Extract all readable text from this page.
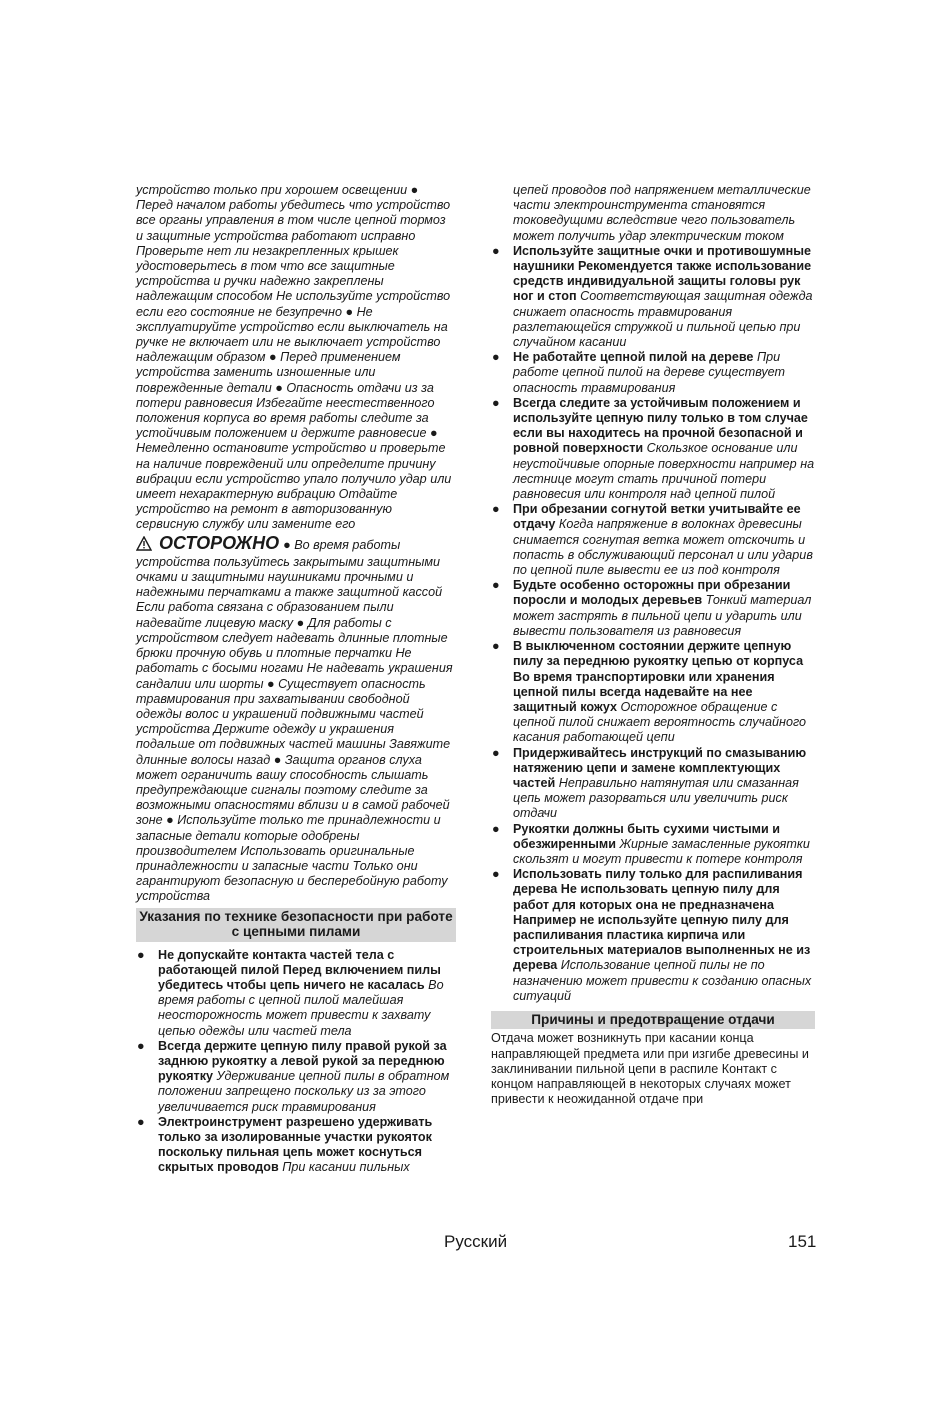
устройство только при хорошем освещении ● Перед началом работы убедитесь что устройство все органы управления в том числе цепной тормоз и защитные устройства работают исправно Проверьте нет ли незакрепленных крышек удостоверьтесь в том что все защитные устройства и ручки надежно закреплены надлежащим способом Не используйте устройство если его состояние не безупречно ● Не эксплуатируйте устройство если выключатель на ручке не включает или не выключает устройство надлежащим образом ● Перед применением устройства заменить изношенные или поврежденные детали ● Опасность отдачи из за потери равновесия Избегайте неестественного положения корпуса во время работы следите за устойчивым положением и держите равновесие ● Немедленно остановите устройство и проверьте на наличие повреждений или определите причину вибрации если устройство упало получило удар или имеет нехарактерную вибрацию Отдайте устройство на ремонт в авторизованную сервисную службу или замените его
ОСТОРОЖНО ● Во время работы устройства пользуйтесь закрытыми защитными очками и защитными наушниками прочными и надежными перчатками а также защитной кассой Если работа связана с образованием пыли надевайте лицевую маску ● Для работы с устройством следует надевать длинные плотные брюки прочную обувь и плотные перчатки Не работать с босыми ногами Не надевать украшения сандалии или шорты ● Существует опасность травмирования при захватывании свободной одежды волос и украшений подвижными частей устройства Держите одежду и украшения подальше от подвижных частей машины Завяжите длинные волосы назад ● Защита органов слуха может ограничить вашу способность слышать предупреждающие сигналы поэтому следите за возможными опасностями вблизи и в самой рабочей зоне ● Используйте только те принадлежности и запасные детали которые одобрены производителем Использовать оригинальные принадлежности и запасные части Только они гарантируют безопасную и бесперебойную работу устройства
Указания по технике безопасности при работе с цепными пилами
● Не допускайте контакта частей тела с работающей пилой Перед включением пилы убедитесь чтобы цепь ничего не касалась Во время работы с цепной пилой малейшая неосторожность может привести к захвату цепью одежды или частей тела
● Всегда держите цепную пилу правой рукой за заднюю рукоятку а левой рукой за переднюю рукоятку Удерживание цепной пилы в обратном положении запрещено поскольку из за этого увеличивается риск травмирования
● Электроинструмент разрешено удерживать только за изолированные участки рукояток поскольку пильная цепь может коснуться скрытых проводов При касании пильных
цепей проводов под напряжением металлические части электроинструмента становятся токоведущими вследствие чего пользователь может получить удар электрическим током
● Используйте защитные очки и противошумные наушники Рекомендуется также использование средств индивидуальной защиты головы рук ног и стоп Соответствующая защитная одежда снижает опасность травмирования разлетающейся стружкой и пильной цепью при случайном касании
● Не работайте цепной пилой на дереве При работе цепной пилой на дереве существует опасность травмирования
● Всегда следите за устойчивым положением и используйте цепную пилу только в том случае если вы находитесь на прочной безопасной и ровной поверхности Скользкое основание или неустойчивые опорные поверхности например на лестнице могут стать причиной потери равновесия или контроля над цепной пилой
● При обрезании согнутой ветки учитывайте ее отдачу Когда напряжение в волокнах древесины снимается согнутая ветка может отскочить и попасть в обслуживающий персонал и или ударив по цепной пиле вывести ее из под контроля
● Будьте особенно осторожны при обрезании поросли и молодых деревьев Тонкий материал может застрять в пильной цепи и ударить или вывести пользователя из равновесия
● В выключенном состоянии держите цепную пилу за переднюю рукоятку цепью от корпуса Во время транспортировки или хранения цепной пилы всегда надевайте на нее защитный кожух Осторожное обращение с цепной пилой снижает вероятность случайного касания работающей цепи
● Придерживайтесь инструкций по смазыванию натяжению цепи и замене комплектующих частей Неправильно натянутая или смазанная цепь может разорваться или увеличить риск отдачи
● Рукоятки должны быть сухими чистыми и обезжиренными Жирные замасленные рукоятки скользят и могут привести к потере контроля
● Использовать пилу только для распиливания дерева Не использовать цепную пилу для работ для которых она не предназначена Например не используйте цепную пилу для распиливания пластика кирпича или строительных материалов выполненных не из дерева Использование цепной пилы не по назначению может привести к созданию опасных ситуаций
Причины и предотвращение отдачи
Отдача может возникнуть при касании конца направляющей предмета или при изгибе древесины и заклинивании пильной цепи в распиле Контакт с концом направляющей в некоторых случаях может привести к неожиданной отдаче при
Русский	151
